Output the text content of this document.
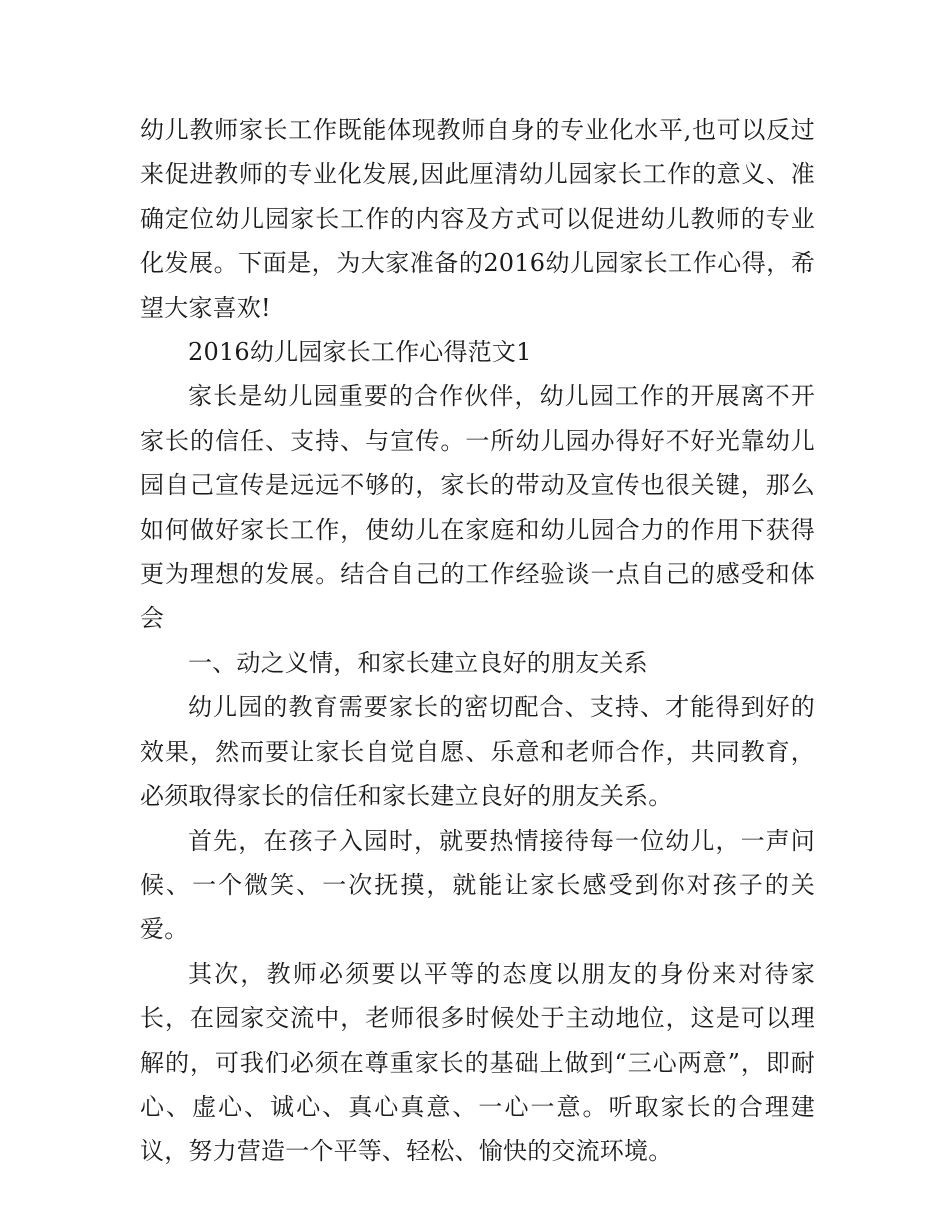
幼儿教师家长工作既能体现教师自身的专业化水平,也可以反过来促进教师的专业化发展,因此厘清幼儿园家长工作的意义、准确定位幼儿园家长工作的内容及方式可以促进幼儿教师的专业化发展。下面是，为大家准备的2016幼儿园家长工作心得，希望大家喜欢!

2016幼儿园家长工作心得范文1

家长是幼儿园重要的合作伙伴，幼儿园工作的开展离不开家长的信任、支持、与宣传。一所幼儿园办得好不好光靠幼儿园自己宣传是远远不够的，家长的带动及宣传也很关键，那么如何做好家长工作，使幼儿在家庭和幼儿园合力的作用下获得更为理想的发展。结合自己的工作经验谈一点自己的感受和体会

一、动之义情，和家长建立良好的朋友关系

幼儿园的教育需要家长的密切配合、支持、才能得到好的效果，然而要让家长自觉自愿、乐意和老师合作，共同教育，必须取得家长的信任和家长建立良好的朋友关系。

首先，在孩子入园时，就要热情接待每一位幼儿，一声问候、一个微笑、一次抚摸，就能让家长感受到你对孩子的关爱。

其次，教师必须要以平等的态度以朋友的身份来对待家长，在园家交流中，老师很多时候处于主动地位，这是可以理解的，可我们必须在尊重家长的基础上做到“三心两意”，即耐心、虚心、诚心、真心真意、一心一意。听取家长的合理建议，努力营造一个平等、轻松、愉快的交流环境。
